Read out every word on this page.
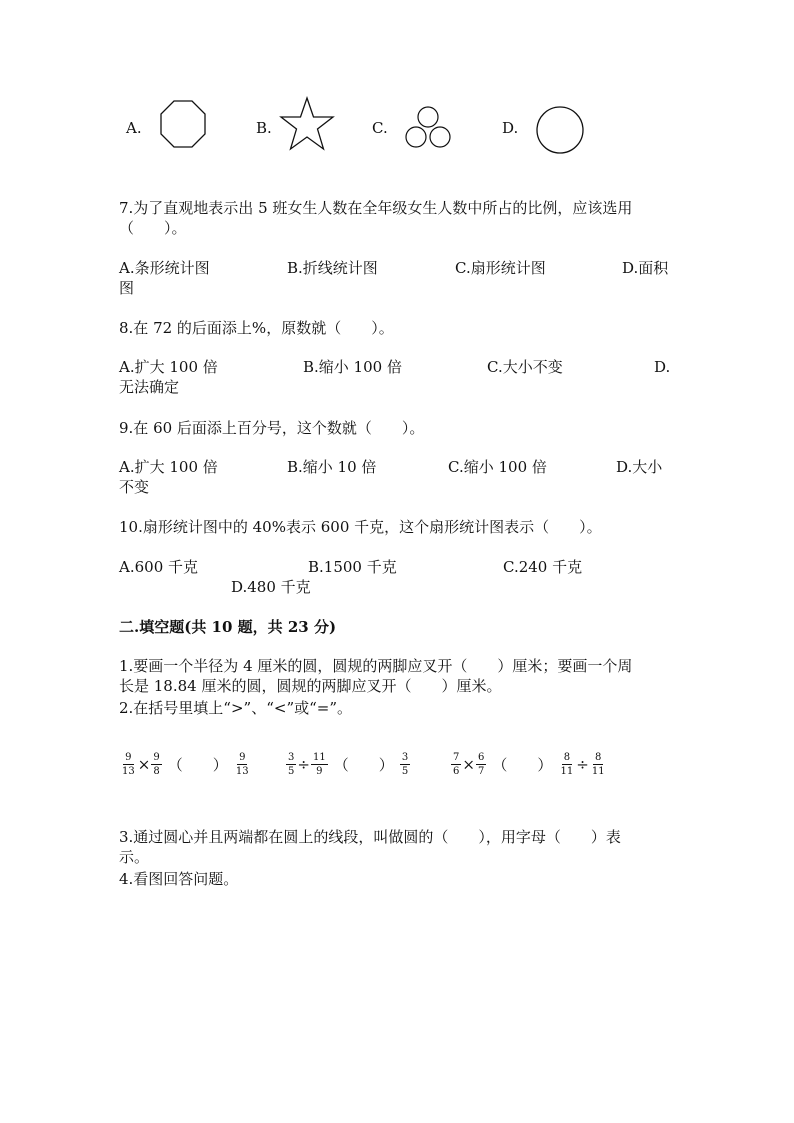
A.	B.	C.	D.
7.为了直观地表示出 5 班女生人数在全年级女生人数中所占的比例，应该选用
（　　）。
A.条形统计图	B.折线统计图	C.扇形统计图	D.面积
图
8.在 72 的后面添上%，原数就（　　）。
A.扩大 100 倍	B.缩小 100 倍	C.大小不变	D.
无法确定
9.在 60 后面添上百分号，这个数就（　　）。
A.扩大 100 倍	B.缩小 10 倍	C.缩小 100 倍	D.大小
不变
10.扇形统计图中的 40%表示 600 千克，这个扇形统计图表示（　　）。
A.600 千克	B.1500 千克	C.240 千克
D.480 千克
二.填空题(共 10 题，共 23 分)
1.要画一个半径为 4 厘米的圆，圆规的两脚应叉开（　　）厘米；要画一个周
长是 18.84 厘米的圆，圆规的两脚应叉开（　　）厘米。
2.在括号里填上“>”、“<”或“=”。
$\frac{9}{13} \times \frac{9}{8}$ （　　） $\frac{9}{13}$	$\frac{3}{5} \div \frac{11}{9}$ （　　） $\frac{3}{5}$	$\frac{7}{6} \times \frac{6}{7}$ （　　） $\frac{8}{11} \div \frac{8}{11}$
3.通过圆心并且两端都在圆上的线段，叫做圆的（　　），用字母（　　）表
示。
4.看图回答问题。
